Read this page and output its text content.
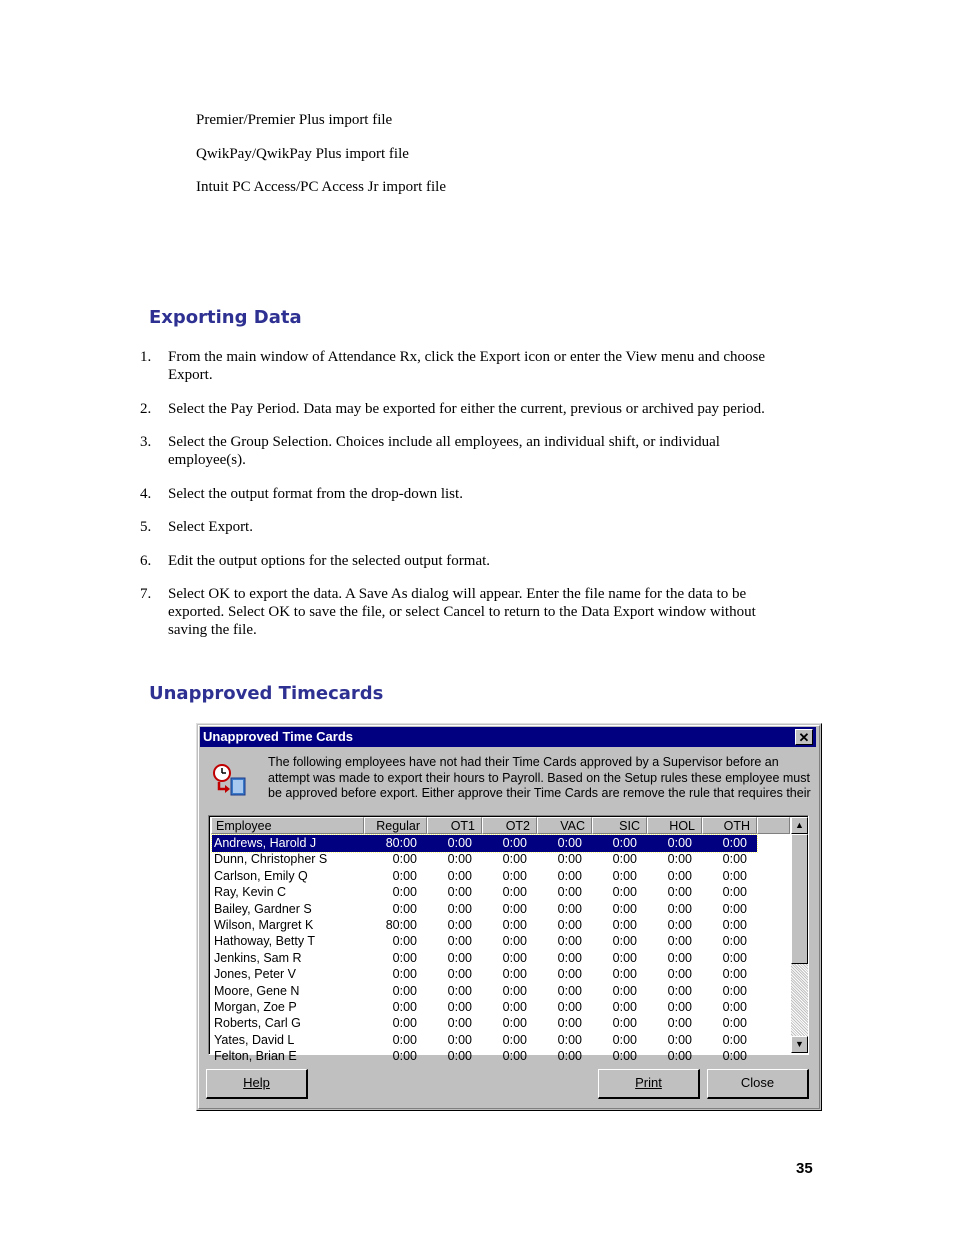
Premier/Premier Plus import file
QwikPay/QwikPay Plus import file
Intuit PC Access/PC Access Jr import file
Exporting Data
1.	From the main window of Attendance Rx, click the Export icon or enter the View menu and choose
Export.
2.	Select the Pay Period. Data may be exported for either the current, previous or archived pay period.
3.	Select the Group Selection. Choices include all employees, an individual shift, or individual
employee(s).
4.	Select the output format from the drop-down list.
5.	Select Export.
6.	Edit the output options for the selected output format.
7.	Select OK to export the data. A Save As dialog will appear. Enter the file name for the data to be
exported. Select OK to save the file, or select Cancel to return to the Data Export window without
saving the file.
Unapproved Timecards
Unapproved Time Cards	✕
The following employees have not had their Time Cards approved by a Supervisor before an
attempt was made to export their hours to Payroll. Based on the Setup rules these employee must
be approved before export. Either approve their Time Cards are remove the rule that requires their
Felton, Brian E	0:00	0:00	0:00	0:00	0:00	0:00	0:00
Yates, David L	0:00	0:00	0:00	0:00	0:00	0:00	0:00
Roberts, Carl G	0:00	0:00	0:00	0:00	0:00	0:00	0:00
Morgan, Zoe P	0:00	0:00	0:00	0:00	0:00	0:00	0:00
Moore, Gene N	0:00	0:00	0:00	0:00	0:00	0:00	0:00
Jones, Peter V	0:00	0:00	0:00	0:00	0:00	0:00	0:00
Jenkins, Sam R	0:00	0:00	0:00	0:00	0:00	0:00	0:00
Hathoway, Betty T	0:00	0:00	0:00	0:00	0:00	0:00	0:00
Wilson, Margret K	80:00	0:00	0:00	0:00	0:00	0:00	0:00
Bailey, Gardner S	0:00	0:00	0:00	0:00	0:00	0:00	0:00
Ray, Kevin C	0:00	0:00	0:00	0:00	0:00	0:00	0:00
Carlson, Emily Q	0:00	0:00	0:00	0:00	0:00	0:00	0:00
Dunn, Christopher S	0:00	0:00	0:00	0:00	0:00	0:00	0:00
Andrews, Harold J	80:00	0:00	0:00	0:00	0:00	0:00	0:00
▲
▼
Employee	Regular	OT1	OT2	VAC	SIC	HOL	OTH
Help	Print	Close
35
